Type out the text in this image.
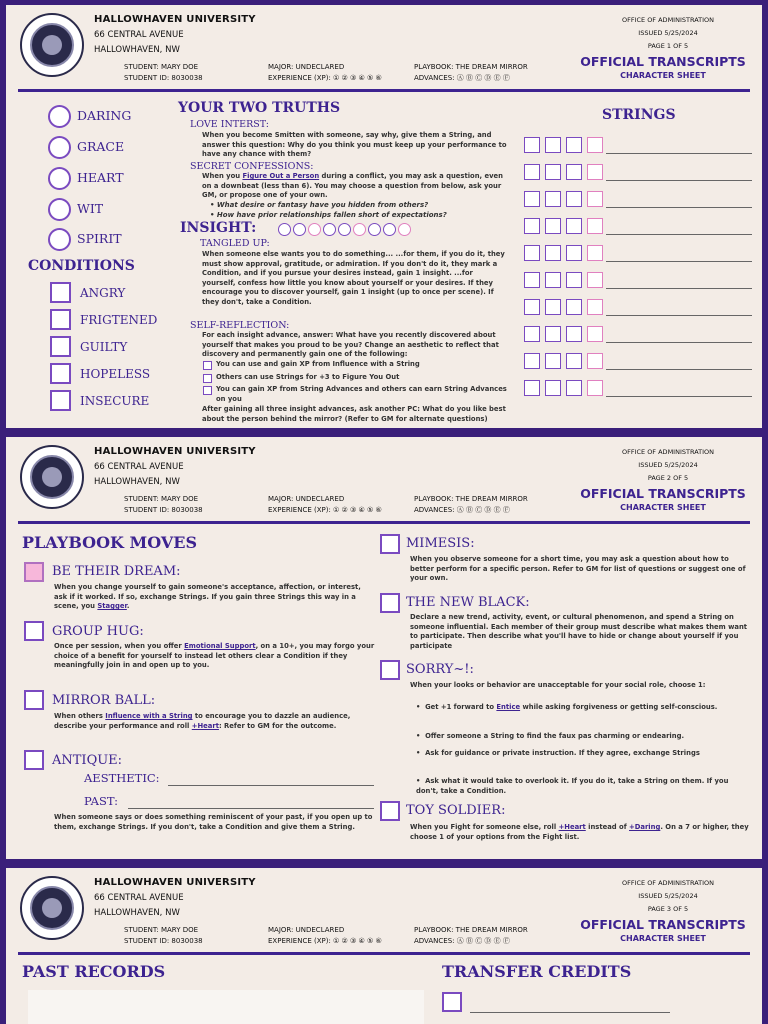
HALLOWHAVEN UNIVERSITY
66 CENTRAL AVENUE
HALLOWHAVEN, NW
STUDENT: MARY DOE
STUDENT ID: 8030038
MAJOR: UNDECLARED
EXPERIENCE (XP): ① ② ③ ④ ⑤ ⑥
PLAYBOOK: THE DREAM MIRROR
ADVANCES: Ⓐ Ⓑ Ⓒ Ⓓ Ⓔ Ⓕ
OFFICE OF ADMINISTRATION
ISSUED 5/25/2024
PAGE 1 OF 5
OFFICIAL TRANSCRIPTS
CHARACTER SHEET
DARING
GRACE
HEART
WIT
SPIRIT
CONDITIONS
ANGRY
FRIGTENED
GUILTY
HOPELESS
INSECURE
YOUR TWO TRUTHS
LOVE INTERST:
When you become Smitten with someone, say why, give them a String, and answer this question: Why do you think you must keep up your performance to have any chance with them?
SECRET CONFESSIONS:
When you Figure Out a Person during a conflict, you may ask a question, even on a downbeat (less than 6). You may choose a question from below, ask your GM, or propose one of your own.
• What desire or fantasy have you hidden from others?
• How have prior relationships fallen short of expectations?
INSIGHT:
TANGLED UP:
When someone else wants you to do something... ...for them, if you do it, they must show approval, gratitude, or admiration. If you don't do it, they mark a Condition, and if you pursue your desires instead, gain 1 insight. ...for yourself, confess how little you know about yourself or your desires. If they encourage you to discover yourself, gain 1 insight (up to once per scene). If they don't, take a Condition.
SELF-REFLECTION:
For each insight advance, answer: What have you recently discovered about yourself that makes you proud to be you? Change an aesthetic to reflect that discovery and permanently gain one of the following:
You can use and gain XP from Influence with a String
Others can use Strings for +3 to Figure You Out
You can gain XP from String Advances and others can earn String Advances on you
After gaining all three insight advances, ask another PC: What do you like best about the person behind the mirror? (Refer to GM for alternate questions)
STRINGS
HALLOWHAVEN UNIVERSITY
66 CENTRAL AVENUE
HALLOWHAVEN, NW
STUDENT: MARY DOE
STUDENT ID: 8030038
MAJOR: UNDECLARED
EXPERIENCE (XP): ① ② ③ ④ ⑤ ⑥
PLAYBOOK: THE DREAM MIRROR
ADVANCES: Ⓐ Ⓑ Ⓒ Ⓓ Ⓔ Ⓕ
OFFICE OF ADMINISTRATION
ISSUED 5/25/2024
PAGE 2 OF 5
OFFICIAL TRANSCRIPTS
CHARACTER SHEET
PLAYBOOK MOVES
BE THEIR DREAM:
When you change yourself to gain someone's acceptance, affection, or interest, ask if it worked. If so, exchange Strings. If you gain three Strings this way in a scene, you Stagger.
GROUP HUG:
Once per session, when you offer Emotional Support, on a 10+, you may forgo your choice of a benefit for yourself to instead let others clear a Condition if they meaningfully join in and open up to you.
MIRROR BALL:
When others Influence with a String to encourage you to dazzle an audience, describe your performance and roll +Heart: Refer to GM for the outcome.
ANTIQUE:
AESTHETIC:
PAST:
When someone says or does something reminiscent of your past, if you open up to them, exchange Strings. If you don't, take a Condition and give them a String.
MIMESIS:
When you observe someone for a short time, you may ask a question about how to better perform for a specific person. Refer to GM for list of questions or suggest one of your own.
THE NEW BLACK:
Declare a new trend, activity, event, or cultural phenomenon, and spend a String on someone influential. Each member of their group must describe what makes them want to participate. Then describe what you'll have to hide or change about yourself if you participate
SORRY~!:
When your looks or behavior are unacceptable for your social role, choose 1:
•  Get +1 forward to Entice while asking forgiveness or getting self-conscious.
•  Offer someone a String to find the faux pas charming or endearing.
•  Ask for guidance or private instruction. If they agree, exchange Strings
•  Ask what it would take to overlook it. If you do it, take a String on them. If you don't, take a Condition.
TOY SOLDIER:
When you Fight for someone else, roll +Heart instead of +Daring. On a 7 or higher, they choose 1 of your options from the Fight list.
HALLOWHAVEN UNIVERSITY
66 CENTRAL AVENUE
HALLOWHAVEN, NW
STUDENT: MARY DOE
STUDENT ID: 8030038
MAJOR: UNDECLARED
EXPERIENCE (XP): ① ② ③ ④ ⑤ ⑥
PLAYBOOK: THE DREAM MIRROR
ADVANCES: Ⓐ Ⓑ Ⓒ Ⓓ Ⓔ Ⓕ
OFFICE OF ADMINISTRATION
ISSUED 5/25/2024
PAGE 3 OF 5
OFFICIAL TRANSCRIPTS
CHARACTER SHEET
PAST RECORDS	TRANSFER CREDITS
